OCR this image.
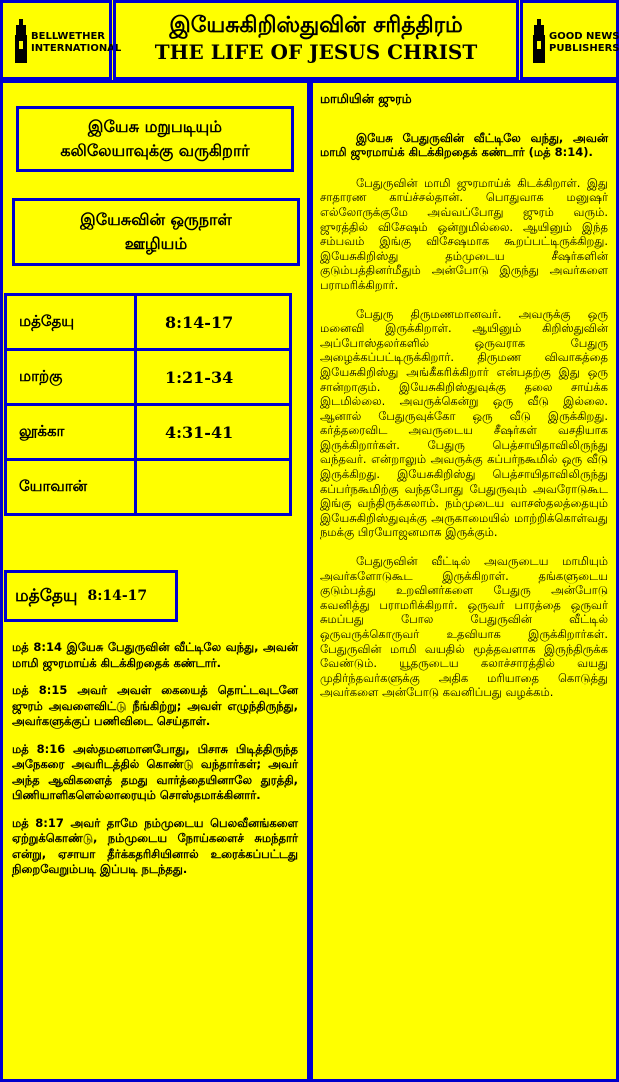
BELLWETHER
INTERNATIONAL
இயேசுகிறிஸ்துவின் சரித்திரம்
THE LIFE OF JESUS CHRIST
GOOD NEWS
PUBLISHERS
இயேசு மறுபடியும் கலிலேயாவுக்கு வருகிறார்
இயேசுவின் ஒருநாள் ஊழியம்
மத்தேயு	8:14-17
மாற்கு	1:21-34
லூக்கா	4:31-41
யோவான்	
மத்தேயு 8:14-17

மத் 8:14 இயேசு பேதுருவின் வீட்டிலே வந்து, அவன் மாமி ஜுரமாய்க் கிடக்கிறதைக் கண்டார்.

மத் 8:15 அவர் அவள் கையைத் தொட்டவுடனே ஜுரம் அவளைவிட்டு நீங்கிற்று; அவள் எழுந்திருந்து, அவர்களுக்குப் பணிவிடை செய்தாள்.

மத் 8:16 அஸ்தமனமானபோது, பிசாசு பிடித்திருந்த அநேகரை அவரிடத்தில் கொண்டு வந்தார்கள்; அவர் அந்த ஆவிகளைத் தமது வார்த்தையினாலே துரத்தி, பிணியாளிகளெல்லாரையும் சொஸ்தமாக்கினார்.

மத் 8:17 அவர் தாமே நம்முடைய பெலவீனங்களை ஏற்றுக்கொண்டு, நம்முடைய நோய்களைச் சுமந்தார் என்று, ஏசாயா தீர்க்கதரிசியினால் உரைக்கப்பட்டது நிறைவேறும்படி இப்படி நடந்தது.

மாமியின் ஜுரம்

இயேசு பேதுருவின் வீட்டிலே வந்து, அவன் மாமி ஜுரமாய்க் கிடக்கிறதைக் கண்டார் (மத் 8:14).

பேதுருவின் மாமி ஜுரமாய்க் கிடக்கிறாள். இது சாதாரண காய்ச்சல்தான். பொதுவாக மனுஷர் எல்லோருக்குமே அவ்வப்போது ஜுரம் வரும். ஜுரத்தில் விசேஷம் ஒன்றுமில்லை. ஆயினும் இந்த சம்பவம் இங்கு விசேஷமாக கூறப்பட்டிருக்கிறது. இயேசுகிறிஸ்து தம்முடைய சீஷர்களின் குடும்பத்தினர்மீதும் அன்போடு இருந்து அவர்களை பராமரிக்கிறார்.

பேதுரு திருமணமானவர். அவருக்கு ஒரு மனைவி இருக்கிறாள். ஆயினும் கிறிஸ்துவின் அப்போஸ்தலர்களில் ஒருவராக பேதுரு அழைக்கப்பட்டிருக்கிறார். திருமண விவாகத்தை இயேசுகிறிஸ்து அங்கீகரிக்கிறார் என்பதற்கு இது ஒரு சான்றாகும். இயேசுகிறிஸ்துவுக்கு தலை சாய்க்க இடமில்லை. அவருக்கென்று ஒரு வீடு இல்லை. ஆனால் பேதுருவுக்கோ ஒரு வீடு இருக்கிறது. கர்த்தரைவிட அவருடைய சீஷர்கள் வசதியாக இருக்கிறார்கள். பேதுரு பெத்சாயிதாவிலிருந்து வந்தவர். என்றாலும் அவருக்கு கப்பர்நகூமில் ஒரு வீடு இருக்கிறது. இயேசுகிறிஸ்து பெத்சாயிதாவிலிருந்து கப்பர்நகூமிற்கு வந்தபோது பேதுருவும் அவரோடுகூட இங்கு வந்திருக்கலாம். நம்முடைய வாசஸ்தலத்தையும் இயேசுகிறிஸ்துவுக்கு அருகாமையில் மாற்றிக்கொள்வது நமக்கு பிரயோஜனமாக இருக்கும்.

பேதுருவின் வீட்டில் அவருடைய மாமியும் அவர்களோடுகூட இருக்கிறாள். தங்களுடைய குடும்பத்து உறவினர்களை பேதுரு அன்போடு கவனித்து பராமரிக்கிறார். ஒருவர் பாரத்தை ஒருவர் சுமப்பது போல பேதுருவின் வீட்டில் ஒருவருக்கொருவர் உதவியாக இருக்கிறார்கள். பேதுருவின் மாமி வயதில் மூத்தவளாக இருந்திருக்க வேண்டும். யூதருடைய கலாச்சாரத்தில் வயது முதிர்ந்தவர்களுக்கு அதிக மரியாதை கொடுத்து அவர்களை அன்போடு கவனிப்பது வழக்கம்.
